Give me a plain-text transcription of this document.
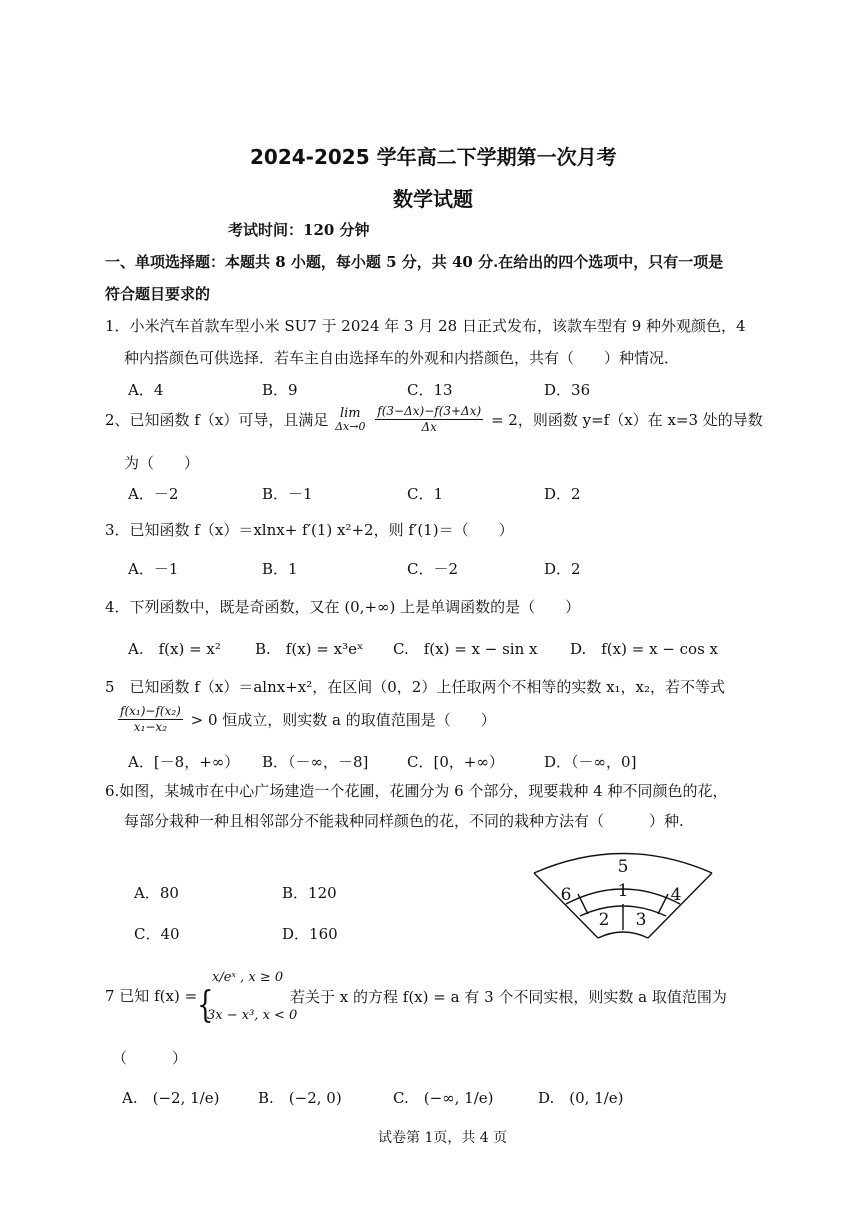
2024-2025 学年高二下学期第一次月考
数学试题
考试时间：120 分钟
一、单项选择题：本题共 8 小题，每小题 5 分，共 40 分.在给出的四个选项中，只有一项是
符合题目要求的
1．小米汽车首款车型小米 SU7 于 2024 年 3 月 28 日正式发布，该款车型有 9 种外观颜色，4
种内搭颜色可供选择．若车主自由选择车的外观和内搭颜色，共有（　　）种情况．
A．4	B．9	C．13	D．36
2、已知函数 f（x）可导，且满足 lim
Δx→0
$\frac{f(3-\Delta x)-f(3+\Delta x)}{\Delta x} = 2$，则函数 y=f（x）在 x=3 处的导数
为（　　）
A．－2	B．－1	C．1	D．2
3．已知函数 f（x）＝xlnx+ f′(1) x²+2，则 f′(1)＝（　　）
A．－1	B．1	C．－2	D．2
4．下列函数中，既是奇函数，又在 (0,+∞) 上是单调函数的是（　　）
A.　f(x) = x² B.　f(x) = x³eˣ C.　f(x) = x − sin x D.　f(x) = x − cos x
5　已知函数 f（x）＝alnx+x²，在区间（0，2）上任取两个不相等的实数 x₁，x₂，若不等式
$\frac{\text{f(x₁)−f(x₂)}}{\text{x₁−x₂}} > 0$ 恒成立，则实数 a 的取值范围是（　　）
A．[－8，+∞） B．（－∞，－8]	C．[0，+∞）	D．（－∞，0]
6.如图，某城市在中心广场建造一个花圃，花圃分为 6 个部分，现要栽种 4 种不同颜色的花，
每部分栽种一种且相邻部分不能栽种同样颜色的花，不同的栽种方法有（　　　）种.
A．80	B．120
C．40	D．160
5
6	1 4
2 3
7 已知 f(x) = {
x/eˣ , x ≥ 0
3x − x³, x < 0
若关于 x 的方程 f(x) = a 有 3 个不同实根，则实数 a 取值范围为
（　　　）
A.　(−2, 1/e)	B.　(−2, 0)	C.　(−∞, 1/e)	D.　(0, 1/e)
试卷第 1页，共 4 页
